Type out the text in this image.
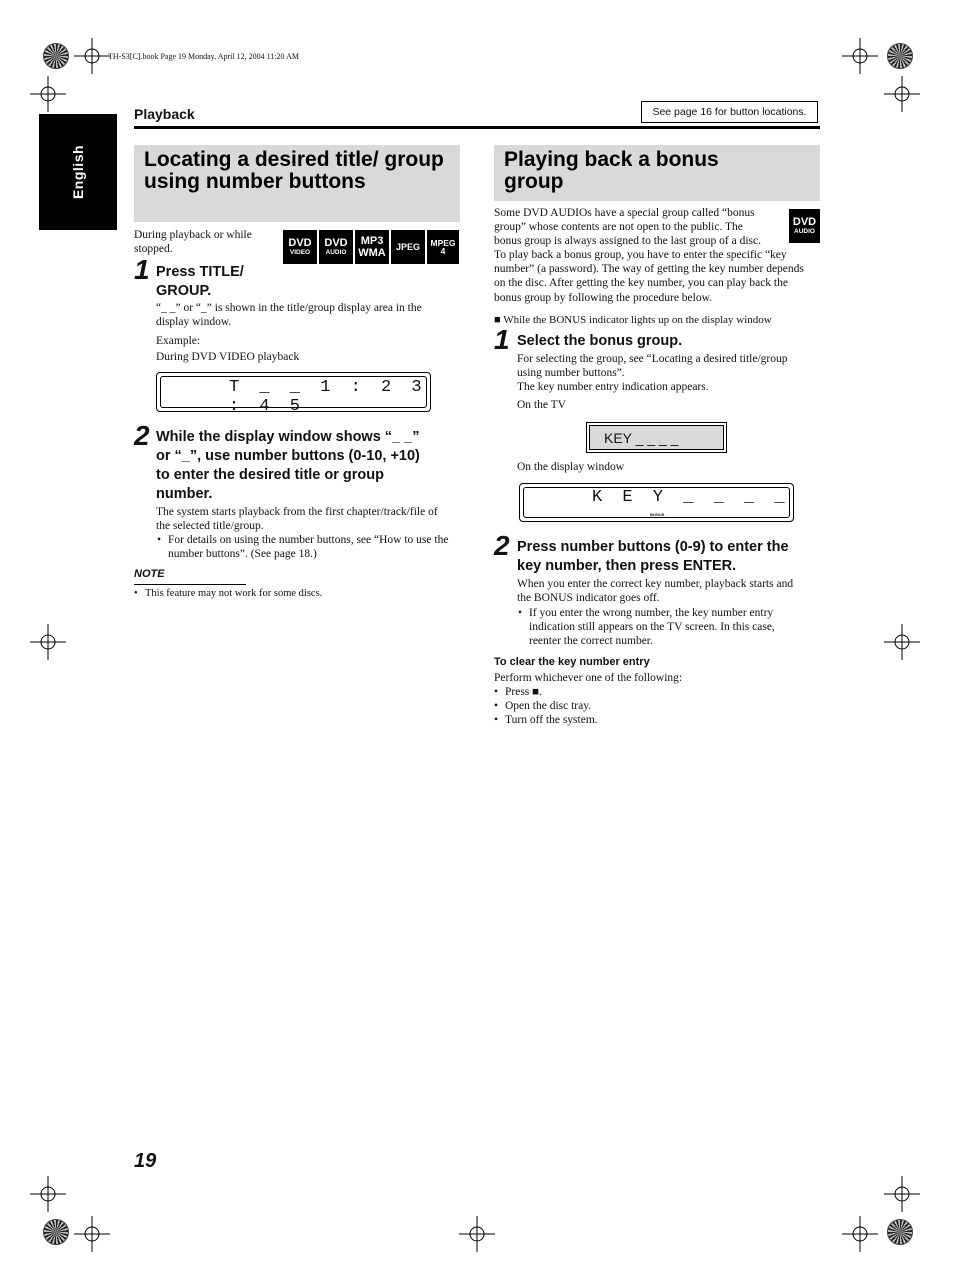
TH-S3[C].book Page 19 Monday, April 12, 2004 11:20 AM
English
Playback	See page 16 for button locations.
Locating a desired title/ group using number buttons
During playback or while stopped.	DVD
VIDEO
DVD
AUDIO
MP3
WMA JPEG MPEG
4
1 Press TITLE/
GROUP.
“_ _” or “_” is shown in the title/group display area in the
display window.
Example:
During DVD VIDEO playback
T _ _ 1 : 2 3 : 4 5
2 While the display window shows “_ _”
or “_”, use number buttons (0-10, +10)
to enter the desired title or group
number.
The system starts playback from the first chapter/track/file of
the selected title/group.
• For details on using the number buttons, see “How to use the
number buttons”. (See page 18.)
NOTE
• This feature may not work for some discs.
Playing back a bonus group
DVD
AUDIO
Some DVD AUDIOs have a special group called “bonus
group” whose contents are not open to the public. The
bonus group is always assigned to the last group of a disc.
To play back a bonus group, you have to enter the specific “key
number” (a password). The way of getting the key number depends
on the disc. After getting the key number, you can play back the
bonus group by following the procedure below.
■ While the BONUS indicator lights up on the display window
1 Select the bonus group.
For selecting the group, see “Locating a desired title/group
using number buttons”.
The key number entry indication appears.
On the TV
KEY _ _ _ _
On the display window
K E Y _ _ _ _
BONUS
2 Press number buttons (0-9) to enter the
key number, then press ENTER.
When you enter the correct key number, playback starts and
the BONUS indicator goes off.
• If you enter the wrong number, the key number entry
indication still appears on the TV screen. In this case,
reenter the correct number.
To clear the key number entry
Perform whichever one of the following:
• Press ■.
• Open the disc tray.
• Turn off the system.
19
